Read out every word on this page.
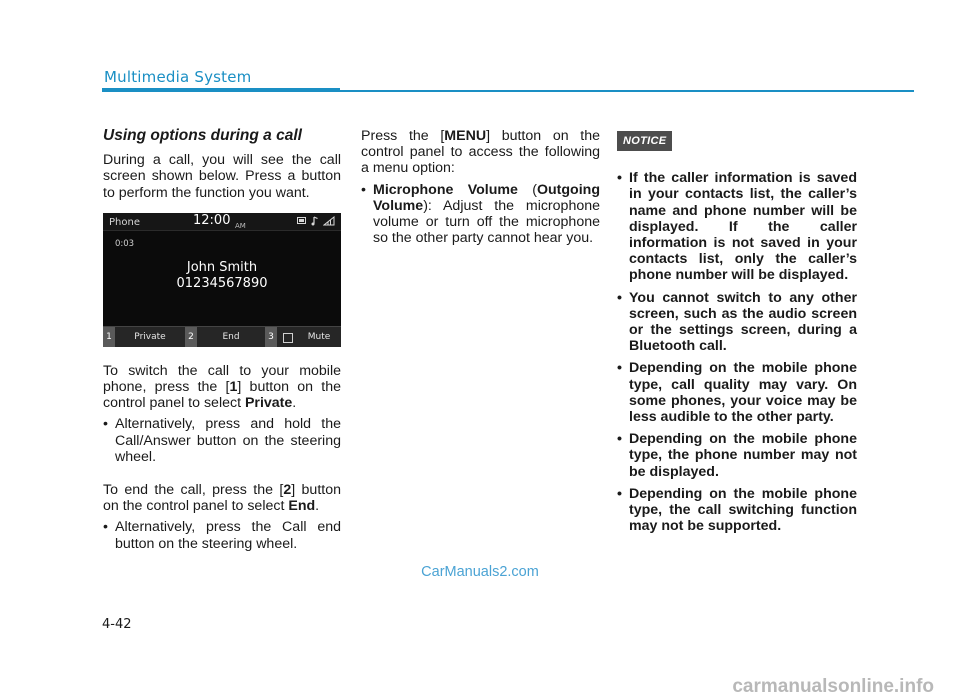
Multimedia System
Using options during a call

During a call, you will see the call screen shown below. Press a button to perform the function you want.

Phone	12:00 AM
0:03
John Smith
01234567890
1	Private	2	End	3	Mute

To switch the call to your mobile phone, press the [1] button on the control panel to select Private.

• Alternatively, press and hold the Call/Answer button on the steering wheel.

To end the call, press the [2] button on the control panel to select End.

• Alternatively, press the Call end button on the steering wheel.

Press the [MENU] button on the control panel to access the following a menu option:

• Microphone Volume (Outgoing Volume): Adjust the microphone volume or turn off the microphone so the other party cannot hear you.
NOTICE
• If the caller information is saved in your contacts list, the caller’s name and phone number will be displayed. If the caller information is not saved in your contacts list, only the caller’s phone number will be displayed.
• You cannot switch to any other screen, such as the audio screen or the settings screen, during a Bluetooth call.
• Depending on the mobile phone type, call quality may vary. On some phones, your voice may be less audible to the other party.
• Depending on the mobile phone type, the phone number may not be displayed.
• Depending on the mobile phone type, the call switching function may not be supported.
CarManuals2.com
4-42
carmanualsonline.info
